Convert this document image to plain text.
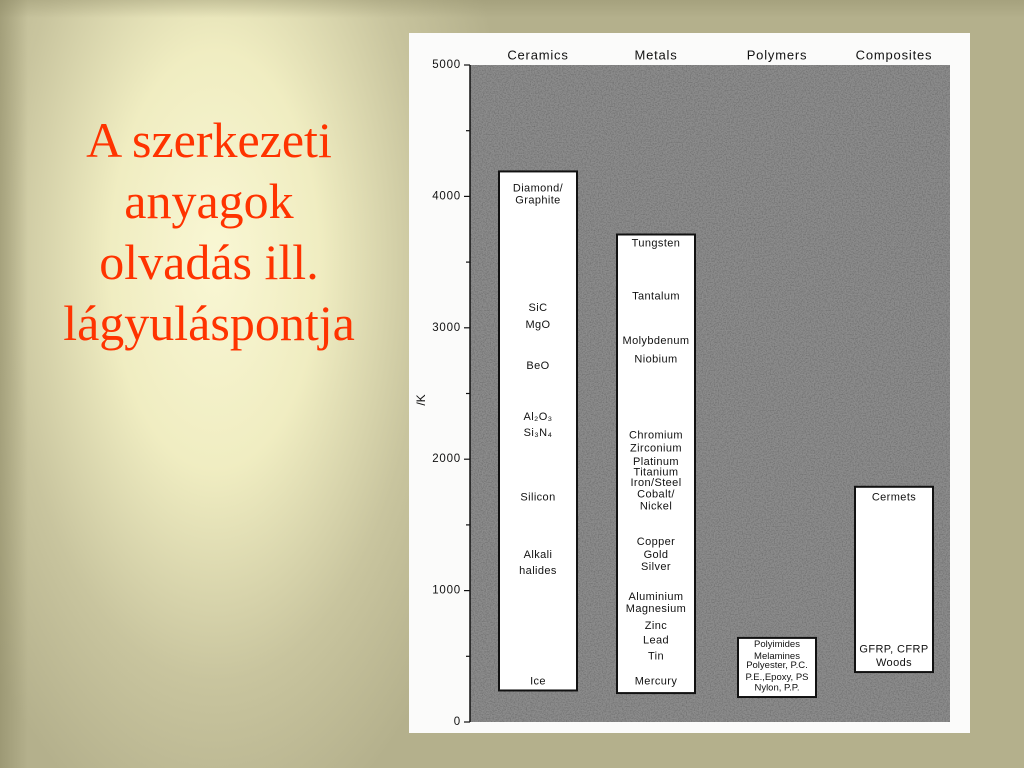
A szerkezeti
anyagok
olvadás ill.
lágyuláspontja
Ceramics	Metals	Polymers	Composites
Diamond/
Graphite
SiC
MgO
BeO
Al₂O₃
Si₃N₄
Silicon
Alkali
halides
Ice
Tungsten
Tantalum
Molybdenum
Niobium
Chromium
Zirconium
Platinum
Titanium
Iron/Steel
Cobalt/
Nickel
Copper
Gold
Silver
Aluminium
Magnesium
Zinc
Lead
Tin
Mercury
Polyimides
Melamines
Polyester, P.C.
P.E.,Epoxy, PS
Nylon, P.P.
Cermets
GFRP, CFRP
Woods
5000
4000
3000
2000
1000
0
/K
